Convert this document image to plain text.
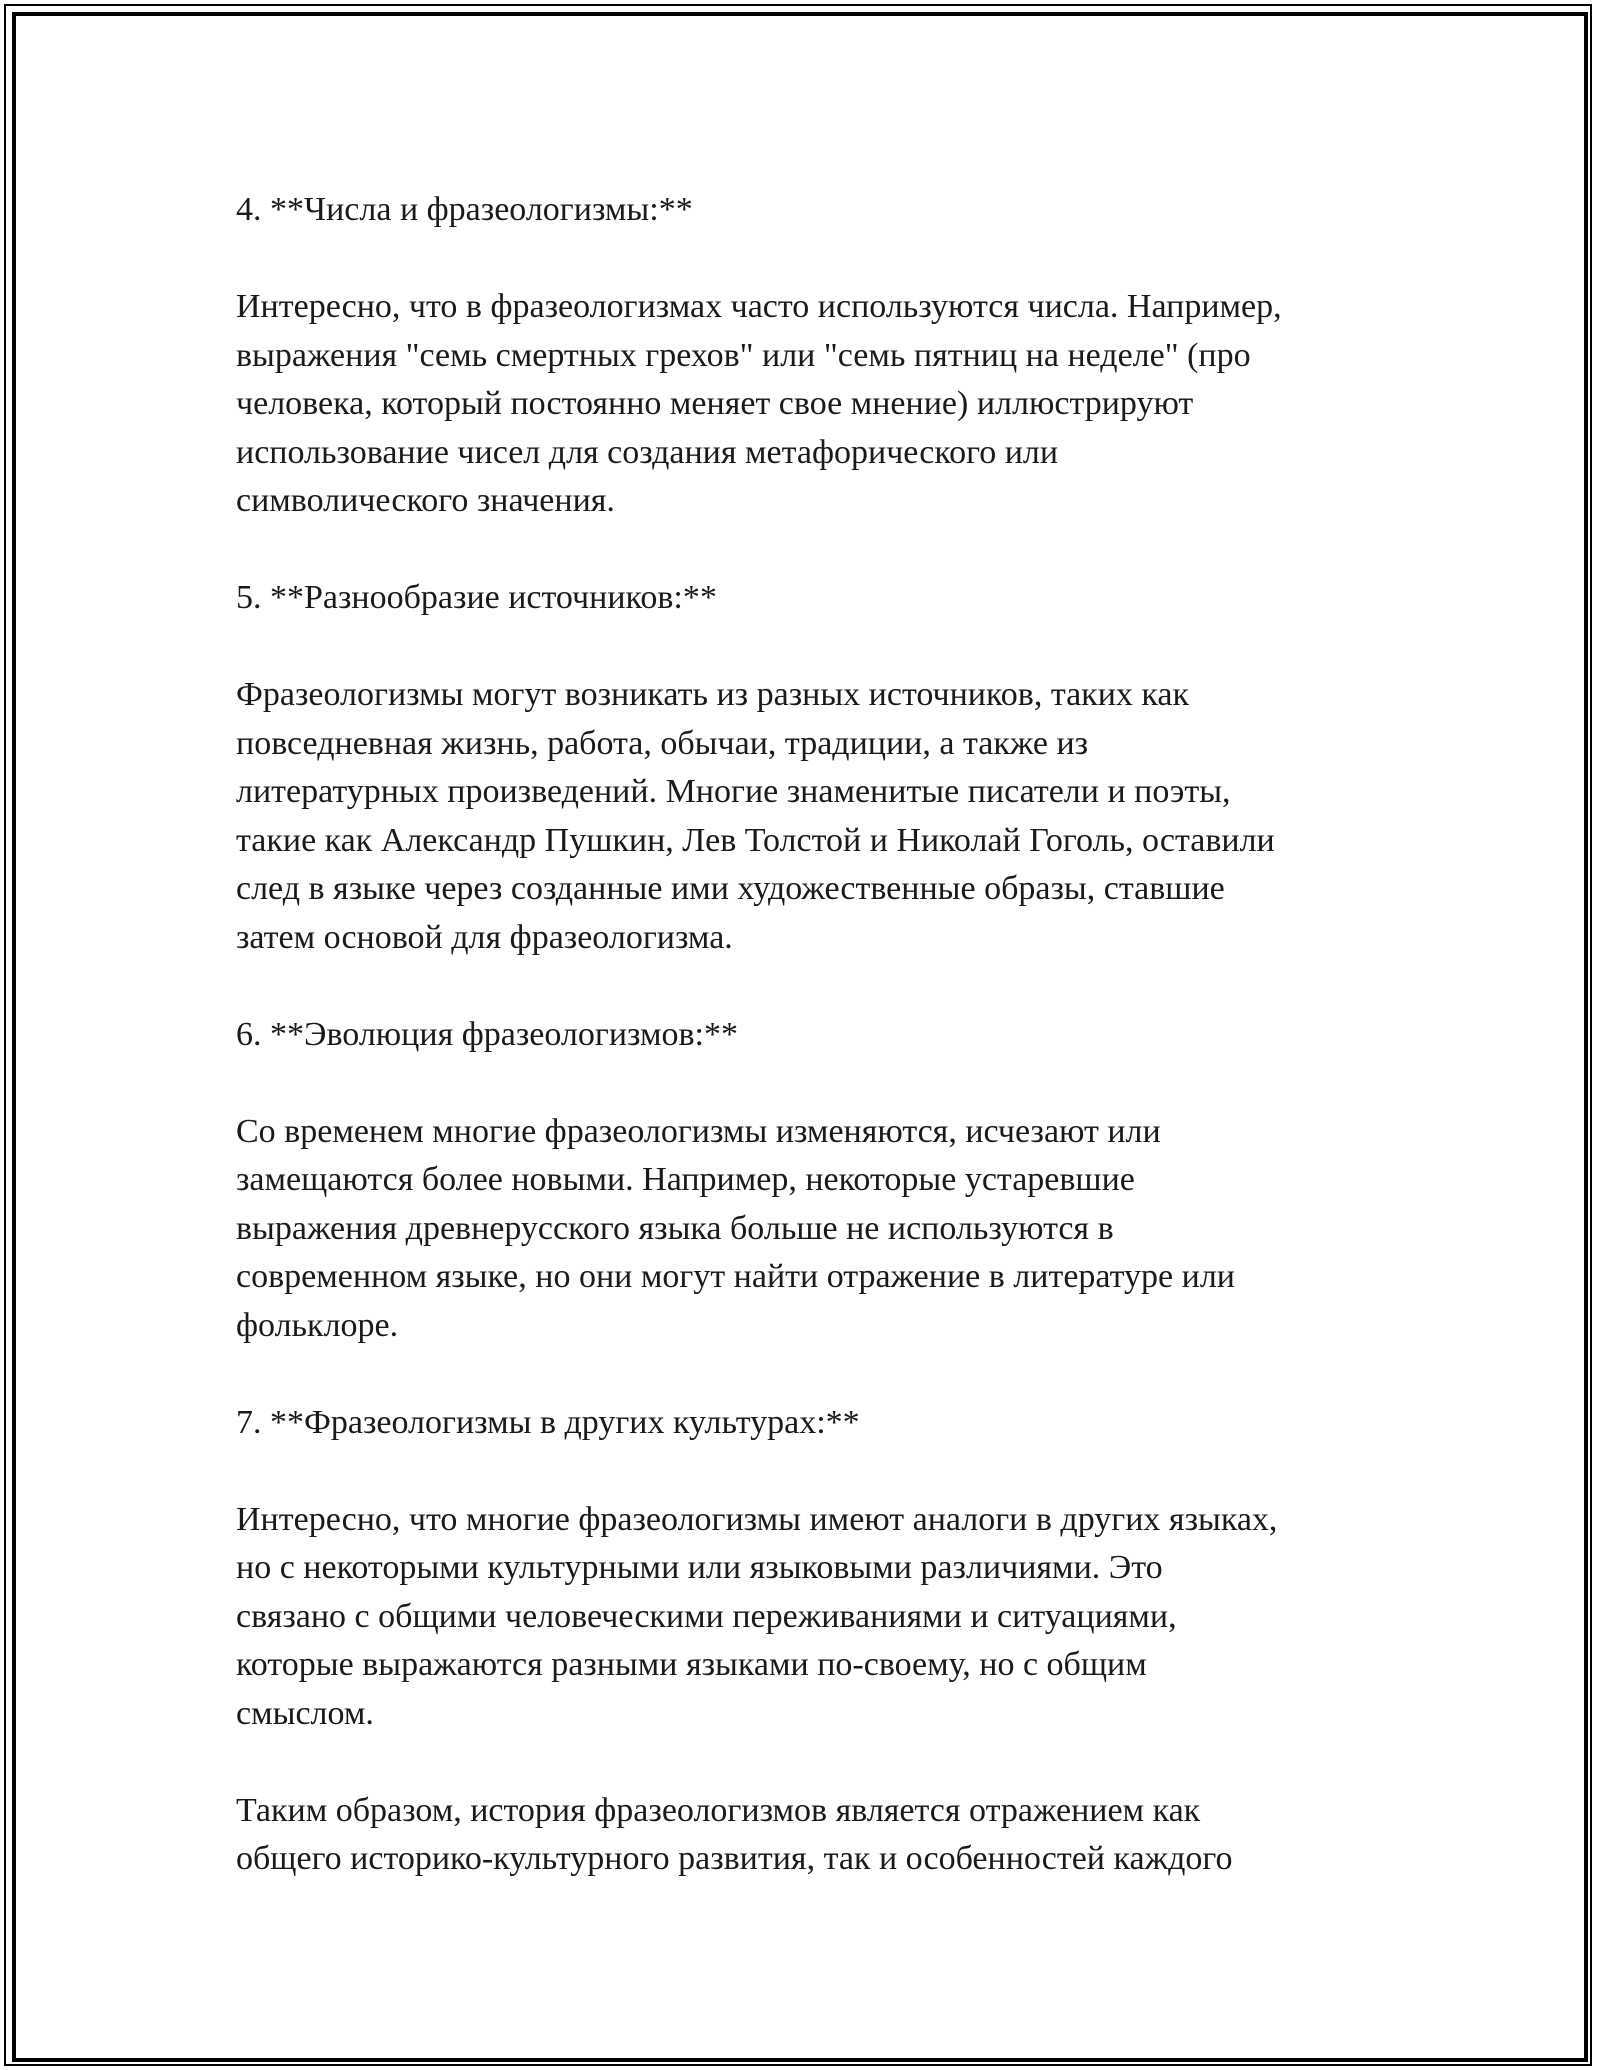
4. **Числа и фразеологизмы:**
Интересно, что в фразеологизмах часто используются числа. Например,
выражения "семь смертных грехов" или "семь пятниц на неделе" (про
человека, который постоянно меняет свое мнение) иллюстрируют
использование чисел для создания метафорического или
символического значения.
5. **Разнообразие источников:**
Фразеологизмы могут возникать из разных источников, таких как
повседневная жизнь, работа, обычаи, традиции, а также из
литературных произведений. Многие знаменитые писатели и поэты,
такие как Александр Пушкин, Лев Толстой и Николай Гоголь, оставили
след в языке через созданные ими художественные образы, ставшие
затем основой для фразеологизма.
6. **Эволюция фразеологизмов:**
Со временем многие фразеологизмы изменяются, исчезают или
замещаются более новыми. Например, некоторые устаревшие
выражения древнерусского языка больше не используются в
современном языке, но они могут найти отражение в литературе или
фольклоре.
7. **Фразеологизмы в других культурах:**
Интересно, что многие фразеологизмы имеют аналоги в других языках,
но с некоторыми культурными или языковыми различиями. Это
связано с общими человеческими переживаниями и ситуациями,
которые выражаются разными языками по-своему, но с общим
смыслом.
Таким образом, история фразеологизмов является отражением как
общего историко-культурного развития, так и особенностей каждого
